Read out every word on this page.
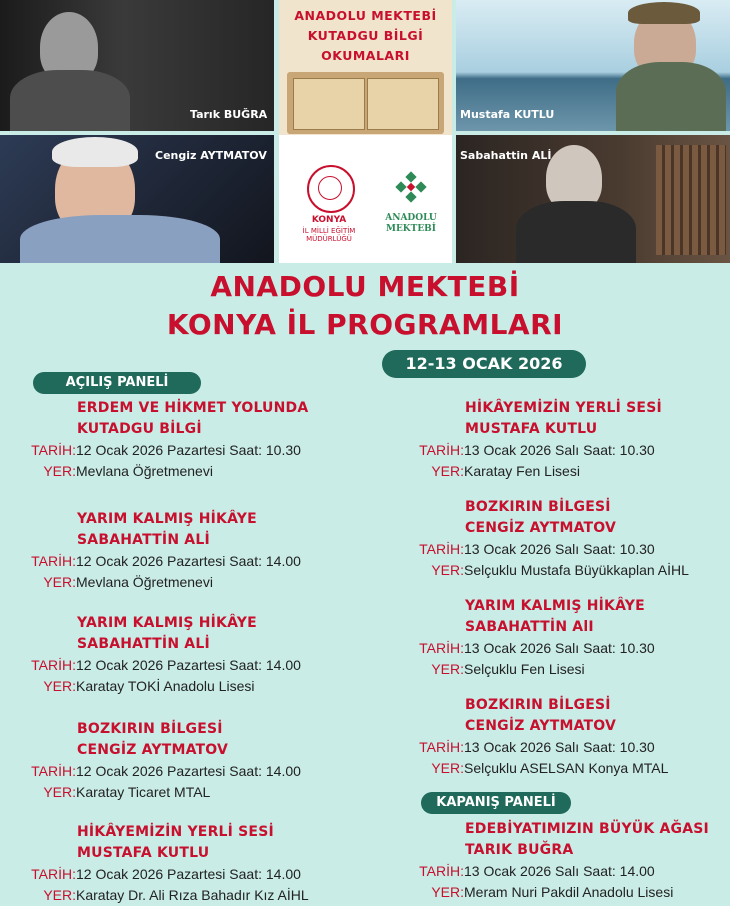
Tarık BUĞRA
ANADOLU MEKTEBİ
KUTADGU BİLGİ
OKUMALARI
Mustafa KUTLU
Cengiz AYTMATOV
KONYA
İL MİLLİ EĞİTİM MÜDÜRLÜĞÜ
ANADOLU
MEKTEBİ
Sabahattin ALİ
ANADOLU MEKTEBİ
KONYA İL PROGRAMLARI
12-13 OCAK 2026
AÇILIŞ PANELİ
KAPANIŞ PANELİ
ERDEM VE HİKMET YOLUNDA
KUTADGU BİLGİ
TARİH:12 Ocak 2026 Pazartesi Saat: 10.30
YER:Mevlana Öğretmenevi
YARIM KALMIŞ HİKÂYE
SABAHATTİN ALİ
TARİH:12 Ocak 2026 Pazartesi Saat: 14.00
YER:Mevlana Öğretmenevi
YARIM KALMIŞ HİKÂYE
SABAHATTİN ALİ
TARİH:12 Ocak 2026 Pazartesi Saat: 14.00
YER:Karatay TOKİ Anadolu Lisesi
BOZKIRIN BİLGESİ
CENGİZ AYTMATOV
TARİH:12 Ocak 2026 Pazartesi Saat: 14.00
YER:Karatay Ticaret MTAL
HİKÂYEMİZİN YERLİ SESİ
MUSTAFA KUTLU
TARİH:12 Ocak 2026 Pazartesi Saat: 14.00
YER:Karatay Dr. Ali Rıza Bahadır Kız AİHL
HİKÂYEMİZİN YERLİ SESİ
MUSTAFA KUTLU
TARİH:13 Ocak 2026 Salı Saat: 10.30
YER:Karatay Fen Lisesi
BOZKIRIN BİLGESİ
CENGİZ AYTMATOV
TARİH:13 Ocak 2026 Salı Saat: 10.30
YER:Selçuklu Mustafa Büyükkaplan AİHL
YARIM KALMIŞ HİKÂYE
SABAHATTİN AlI
TARİH:13 Ocak 2026 Salı Saat: 10.30
YER:Selçuklu Fen Lisesi
BOZKIRIN BİLGESİ
CENGİZ AYTMATOV
TARİH:13 Ocak 2026 Salı Saat: 10.30
YER:Selçuklu ASELSAN Konya MTAL
EDEBİYATIMIZIN BÜYÜK AĞASI
TARIK BUĞRA
TARİH:13 Ocak 2026 Salı Saat: 14.00
YER:Meram Nuri Pakdil Anadolu Lisesi
